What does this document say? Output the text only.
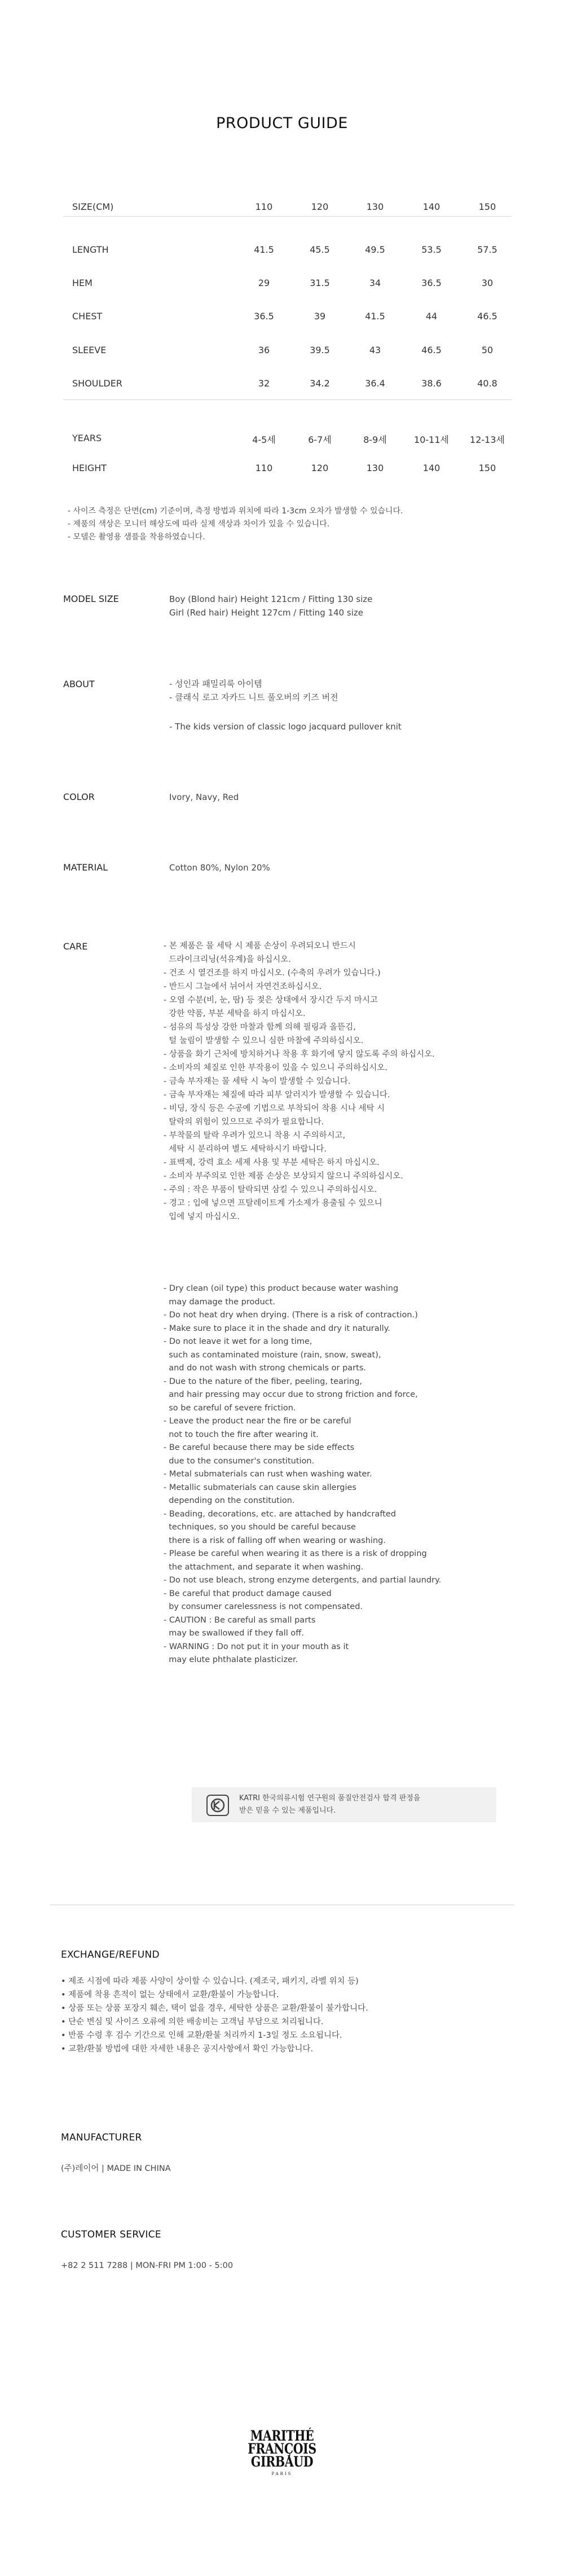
PRODUCT GUIDE
SIZE(CM)	110	120	130	140	150
LENGTH	41.5	45.5	49.5	53.5	57.5
HEM	29	31.5	34	36.5	30
CHEST	36.5	39	41.5	44	46.5
SLEEVE	36	39.5	43	46.5	50
SHOULDER	32	34.2	36.4	38.6	40.8
YEARS	4-5세	6-7세	8-9세	10-11세	12-13세
HEIGHT	110	120	130	140	150
- 사이즈 측정은 단면(cm) 기준이며, 측정 방법과 위치에 따라 1-3cm 오차가 발생할 수 있습니다.
- 제품의 색상은 모니터 해상도에 따라 실제 색상과 차이가 있을 수 있습니다.
- 모델은 촬영용 샘플을 착용하였습니다.
MODEL SIZE	Boy (Blond hair) Height 121cm / Fitting 130 size
Girl (Red hair) Height 127cm / Fitting 140 size
ABOUT	- 성인과 패밀리룩 아이템
- 클래식 로고 자카드 니트 풀오버의 키즈 버전
- The kids version of classic logo jacquard pullover knit
COLOR	Ivory, Navy, Red
MATERIAL	Cotton 80%, Nylon 20%
CARE	- 본 제품은 물 세탁 시 제품 손상이 우려되오니 반드시
드라이크리닝(석유계)을 하십시오.
- 건조 시 열건조를 하지 마십시오. (수축의 우려가 있습니다.)
- 반드시 그늘에서 뉘어서 자연건조하십시오.
- 오염 수분(비, 눈, 땀) 등 젖은 상태에서 장시간 두지 마시고
강한 약품, 부분 세탁을 하지 마십시오.
- 섬유의 특성상 강한 마찰과 함께 의해 필링과 올뜯김,
털 눌림이 발생할 수 있으니 심한 마찰에 주의하십시오.
- 상품을 화기 근처에 방치하거나 착용 후 화기에 닿지 않도록 주의 하십시오.
- 소비자의 체질로 인한 부작용이 있을 수 있으니 주의하십시오.
- 금속 부자재는 물 세탁 시 녹이 발생할 수 있습니다.
- 금속 부자재는 체질에 따라 피부 알러지가 발생할 수 있습니다.
- 비딩, 장식 등은 수공예 기법으로 부착되어 착용 시나 세탁 시
탈락의 위험이 있으므로 주의가 필요합니다.
- 부착물의 탈락 우려가 있으니 착용 시 주의하시고,
세탁 시 분리하여 별도 세탁하시기 바랍니다.
- 표백제, 강력 효소 세제 사용 및 부분 세탁은 하지 마십시오.
- 소비자 부주의로 인한 제품 손상은 보상되지 않으니 주의하십시오.
- 주의 : 작은 부품이 탈락되면 삼킬 수 있으니 주의하십시오.
- 경고 : 입에 넣으면 프탈레이트계 가소제가 용출될 수 있으니
입에 넣지 마십시오.
- Dry clean (oil type) this product because water washing
may damage the product.
- Do not heat dry when drying. (There is a risk of contraction.)
- Make sure to place it in the shade and dry it naturally.
- Do not leave it wet for a long time,
such as contaminated moisture (rain, snow, sweat),
and do not wash with strong chemicals or parts.
- Due to the nature of the fiber, peeling, tearing,
and hair pressing may occur due to strong friction and force,
so be careful of severe friction.
- Leave the product near the fire or be careful
not to touch the fire after wearing it.
- Be careful because there may be side effects
due to the consumer's constitution.
- Metal submaterials can rust when washing water.
- Metallic submaterials can cause skin allergies
depending on the constitution.
- Beading, decorations, etc. are attached by handcrafted
techniques, so you should be careful because
there is a risk of falling off when wearing or washing.
- Please be careful when wearing it as there is a risk of dropping
the attachment, and separate it when washing.
- Do not use bleach, strong enzyme detergents, and partial laundry.
- Be careful that product damage caused
by consumer carelessness is not compensated.
- CAUTION : Be careful as small parts
may be swallowed if they fall off.
- WARNING : Do not put it in your mouth as it
may elute phthalate plasticizer.
KATRI 한국의류시험 연구원의 품질안전검사 합격 판정을
받은 믿을 수 있는 제품입니다.
EXCHANGE/REFUND
• 제조 시점에 따라 제품 사양이 상이할 수 있습니다. (제조국, 패키지, 라벨 위치 등)
• 제품에 착용 흔적이 없는 상태에서 교환/환불이 가능합니다.
• 상품 또는 상품 포장지 훼손, 택이 없을 경우, 세탁한 상품은 교환/환불이 불가합니다.
• 단순 변심 및 사이즈 오류에 의한 배송비는 고객님 부담으로 처리됩니다.
• 반품 수령 후 검수 기간으로 인해 교환/환불 처리까지 1-3일 정도 소요됩니다.
• 교환/환불 방법에 대한 자세한 내용은 공지사항에서 확인 가능합니다.
MANUFACTURER
(주)레이어 | MADE IN CHINA
CUSTOMER SERVICE
+82 2 511 7288 | MON-FRI PM 1:00 - 5:00
MARITHÉ
FRANÇOIS
GIRBAUD
PARIS
